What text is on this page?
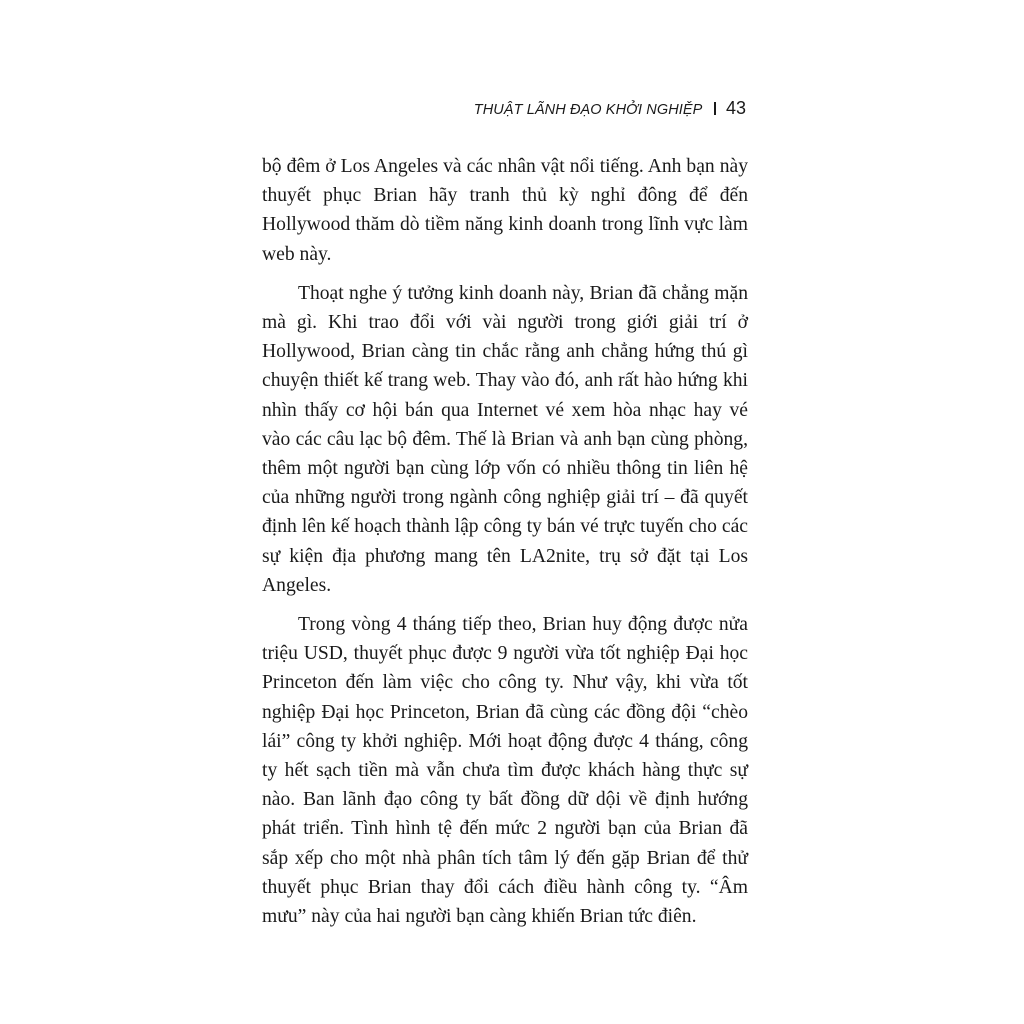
THUẬT LÃNH ĐẠO KHỞI NGHIỆP 43

bộ đêm ở Los Angeles và các nhân vật nổi tiếng. Anh bạn này thuyết phục Brian hãy tranh thủ kỳ nghỉ đông để đến Hollywood thăm dò tiềm năng kinh doanh trong lĩnh vực làm web này.

Thoạt nghe ý tưởng kinh doanh này, Brian đã chẳng mặn mà gì. Khi trao đổi với vài người trong giới giải trí ở Hollywood, Brian càng tin chắc rằng anh chẳng hứng thú gì chuyện thiết kế trang web. Thay vào đó, anh rất hào hứng khi nhìn thấy cơ hội bán qua Internet vé xem hòa nhạc hay vé vào các câu lạc bộ đêm. Thế là Brian và anh bạn cùng phòng, thêm một người bạn cùng lớp vốn có nhiều thông tin liên hệ của những người trong ngành công nghiệp giải trí – đã quyết định lên kế hoạch thành lập công ty bán vé trực tuyến cho các sự kiện địa phương mang tên LA2nite, trụ sở đặt tại Los Angeles.

Trong vòng 4 tháng tiếp theo, Brian huy động được nửa triệu USD, thuyết phục được 9 người vừa tốt nghiệp Đại học Princeton đến làm việc cho công ty. Như vậy, khi vừa tốt nghiệp Đại học Princeton, Brian đã cùng các đồng đội “chèo lái” công ty khởi nghiệp. Mới hoạt động được 4 tháng, công ty hết sạch tiền mà vẫn chưa tìm được khách hàng thực sự nào. Ban lãnh đạo công ty bất đồng dữ dội về định hướng phát triển. Tình hình tệ đến mức 2 người bạn của Brian đã sắp xếp cho một nhà phân tích tâm lý đến gặp Brian để thử thuyết phục Brian thay đổi cách điều hành công ty. “Âm mưu” này của hai người bạn càng khiến Brian tức điên.
